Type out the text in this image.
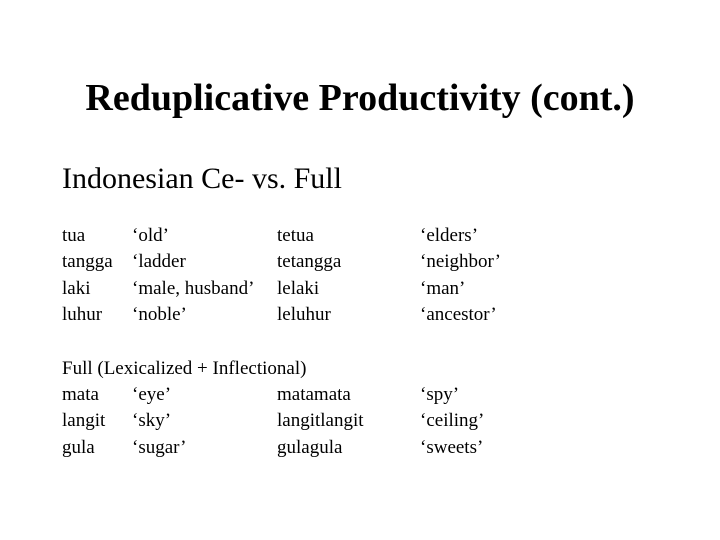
Reduplicative Productivity (cont.)
Indonesian Ce- vs. Full
tua ‘old’	tetua	‘elders’
tangga ‘ladder	tetangga	‘neighbor’
laki ‘male, husband’ lelaki	‘man’
luhur ‘noble’	leluhur	‘ancestor’
Full (Lexicalized + Inflectional)
mata ‘eye’	matamata	‘spy’
langit ‘sky’	langitlangit	‘ceiling’
gula ‘sugar’	gulagula	‘sweets’
